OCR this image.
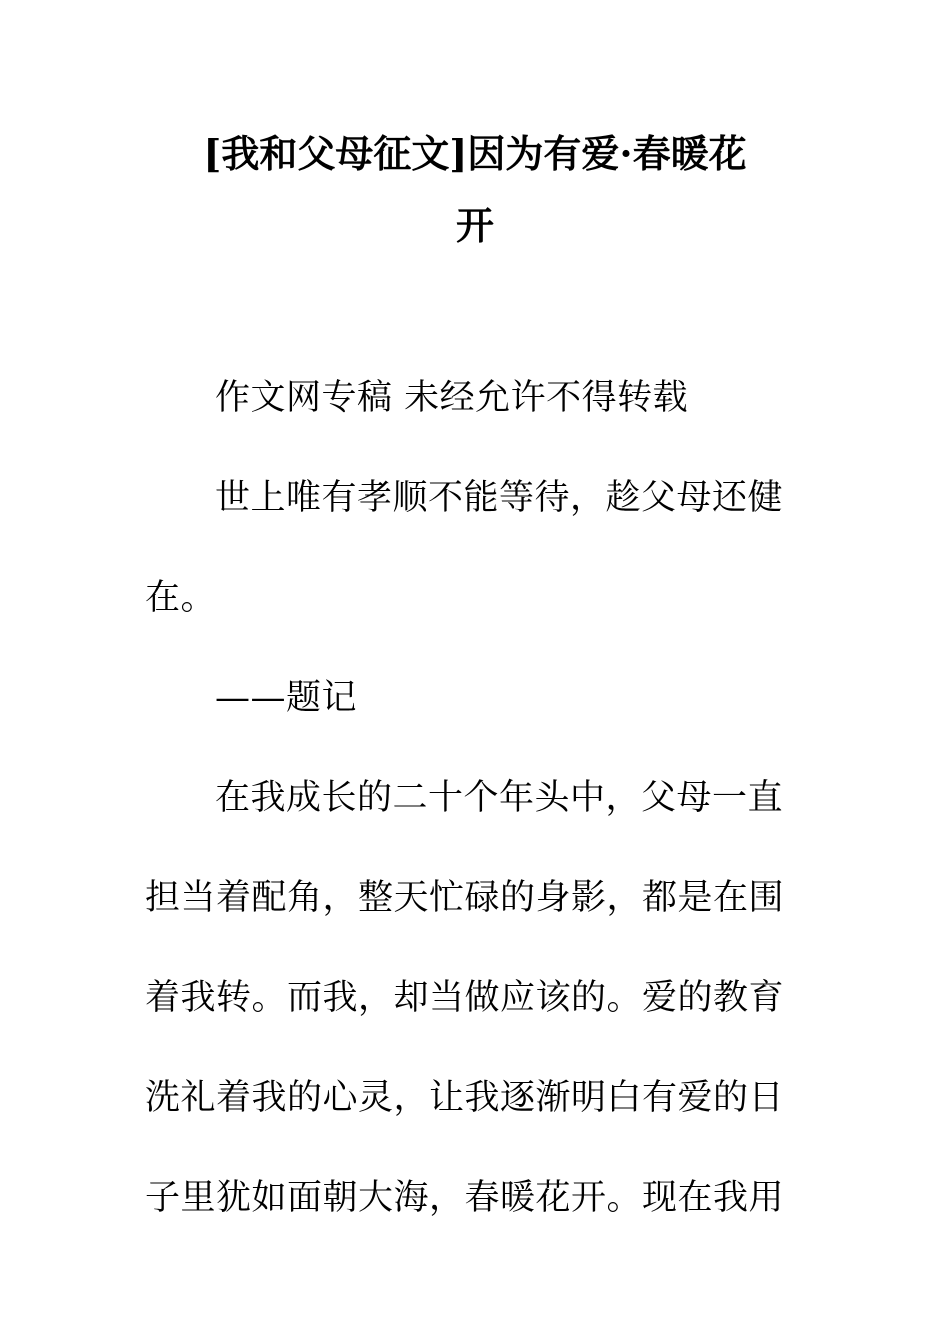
[我和父母征文]因为有爱·春暖花
开
作文网专稿 未经允许不得转载
世上唯有孝顺不能等待，趁父母还健
在。
——题记
在我成长的二十个年头中，父母一直
担当着配角，整天忙碌的身影，都是在围
着我转。而我，却当做应该的。爱的教育
洗礼着我的心灵，让我逐渐明白有爱的日
子里犹如面朝大海，春暖花开。现在我用
